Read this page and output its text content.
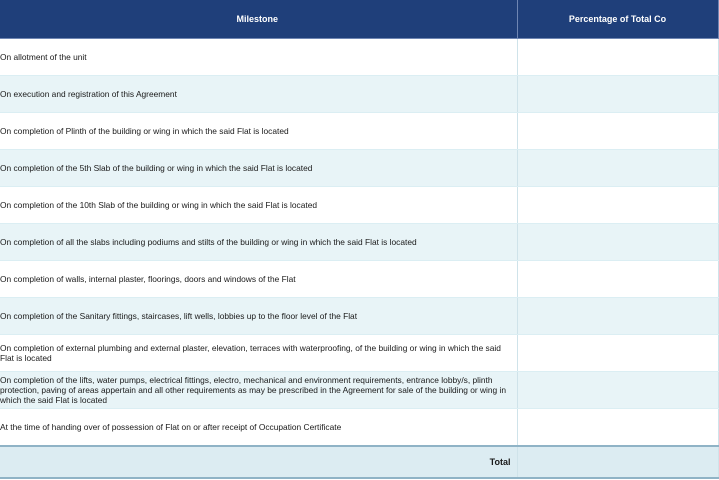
Milestone	Percentage of Total Co
On allotment of the unit	
On execution and registration of this Agreement	
On completion of Plinth of the building or wing in which the said Flat is located	
On completion of the 5th Slab of the building or wing in which the said Flat is located	
On completion of the 10th Slab of the building or wing in which the said Flat is located	
On completion of all the slabs including podiums and stilts of the building or wing in which the said Flat is located	
On completion of walls, internal plaster, floorings, doors and windows of the Flat	
On completion of the Sanitary fittings, staircases, lift wells, lobbies up to the floor level of the Flat	
On completion of external plumbing and external plaster, elevation, terraces with waterproofing, of the building or wing in which the said Flat is located	
On completion of the lifts, water pumps, electrical fittings, electro, mechanical and environment requirements, entrance lobby/s, plinth protection, paving of areas appertain and all other requirements as may be prescribed in the Agreement for sale of the building or wing in which the said Flat is located	
At the time of handing over of possession of Flat on or after receipt of Occupation Certificate	
Total	
